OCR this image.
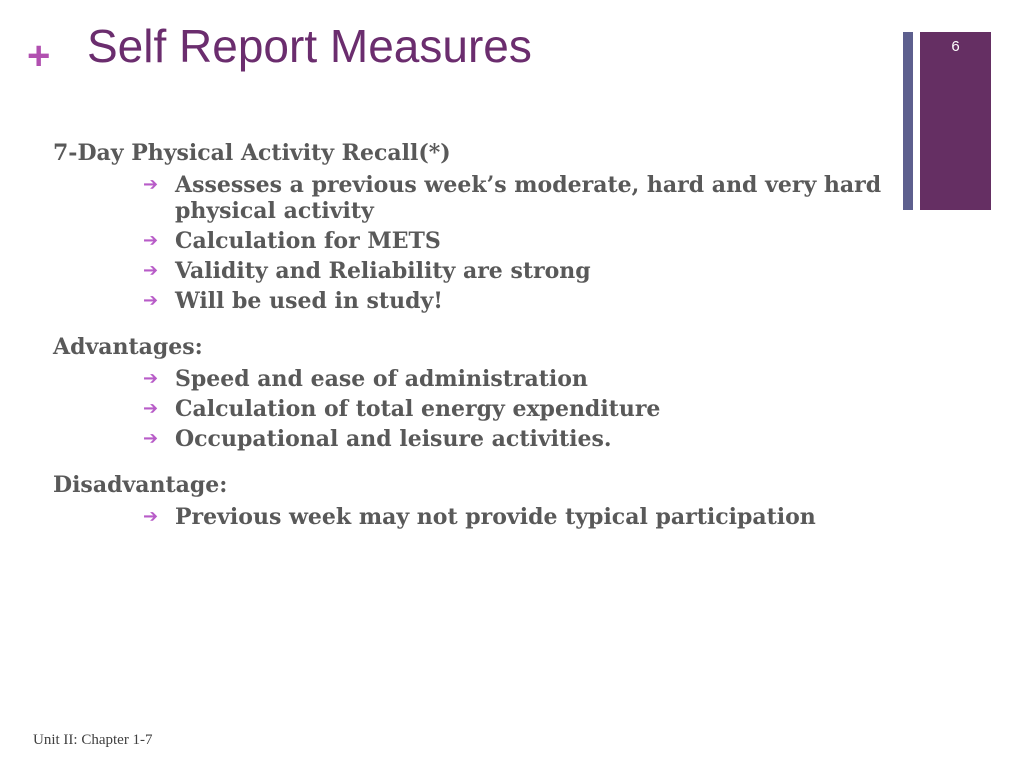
+ Self Report Measures	6
7-Day Physical Activity Recall(*)
➔ Assesses a previous week’s moderate, hard and very hard physical activity
➔ Calculation for METS
➔ Validity and Reliability are strong
➔ Will be used in study!
Advantages:
➔ Speed and ease of administration
➔ Calculation of total energy expenditure
➔ Occupational and leisure activities.
Disadvantage:
➔ Previous week may not provide typical participation
Unit II: Chapter 1-7
